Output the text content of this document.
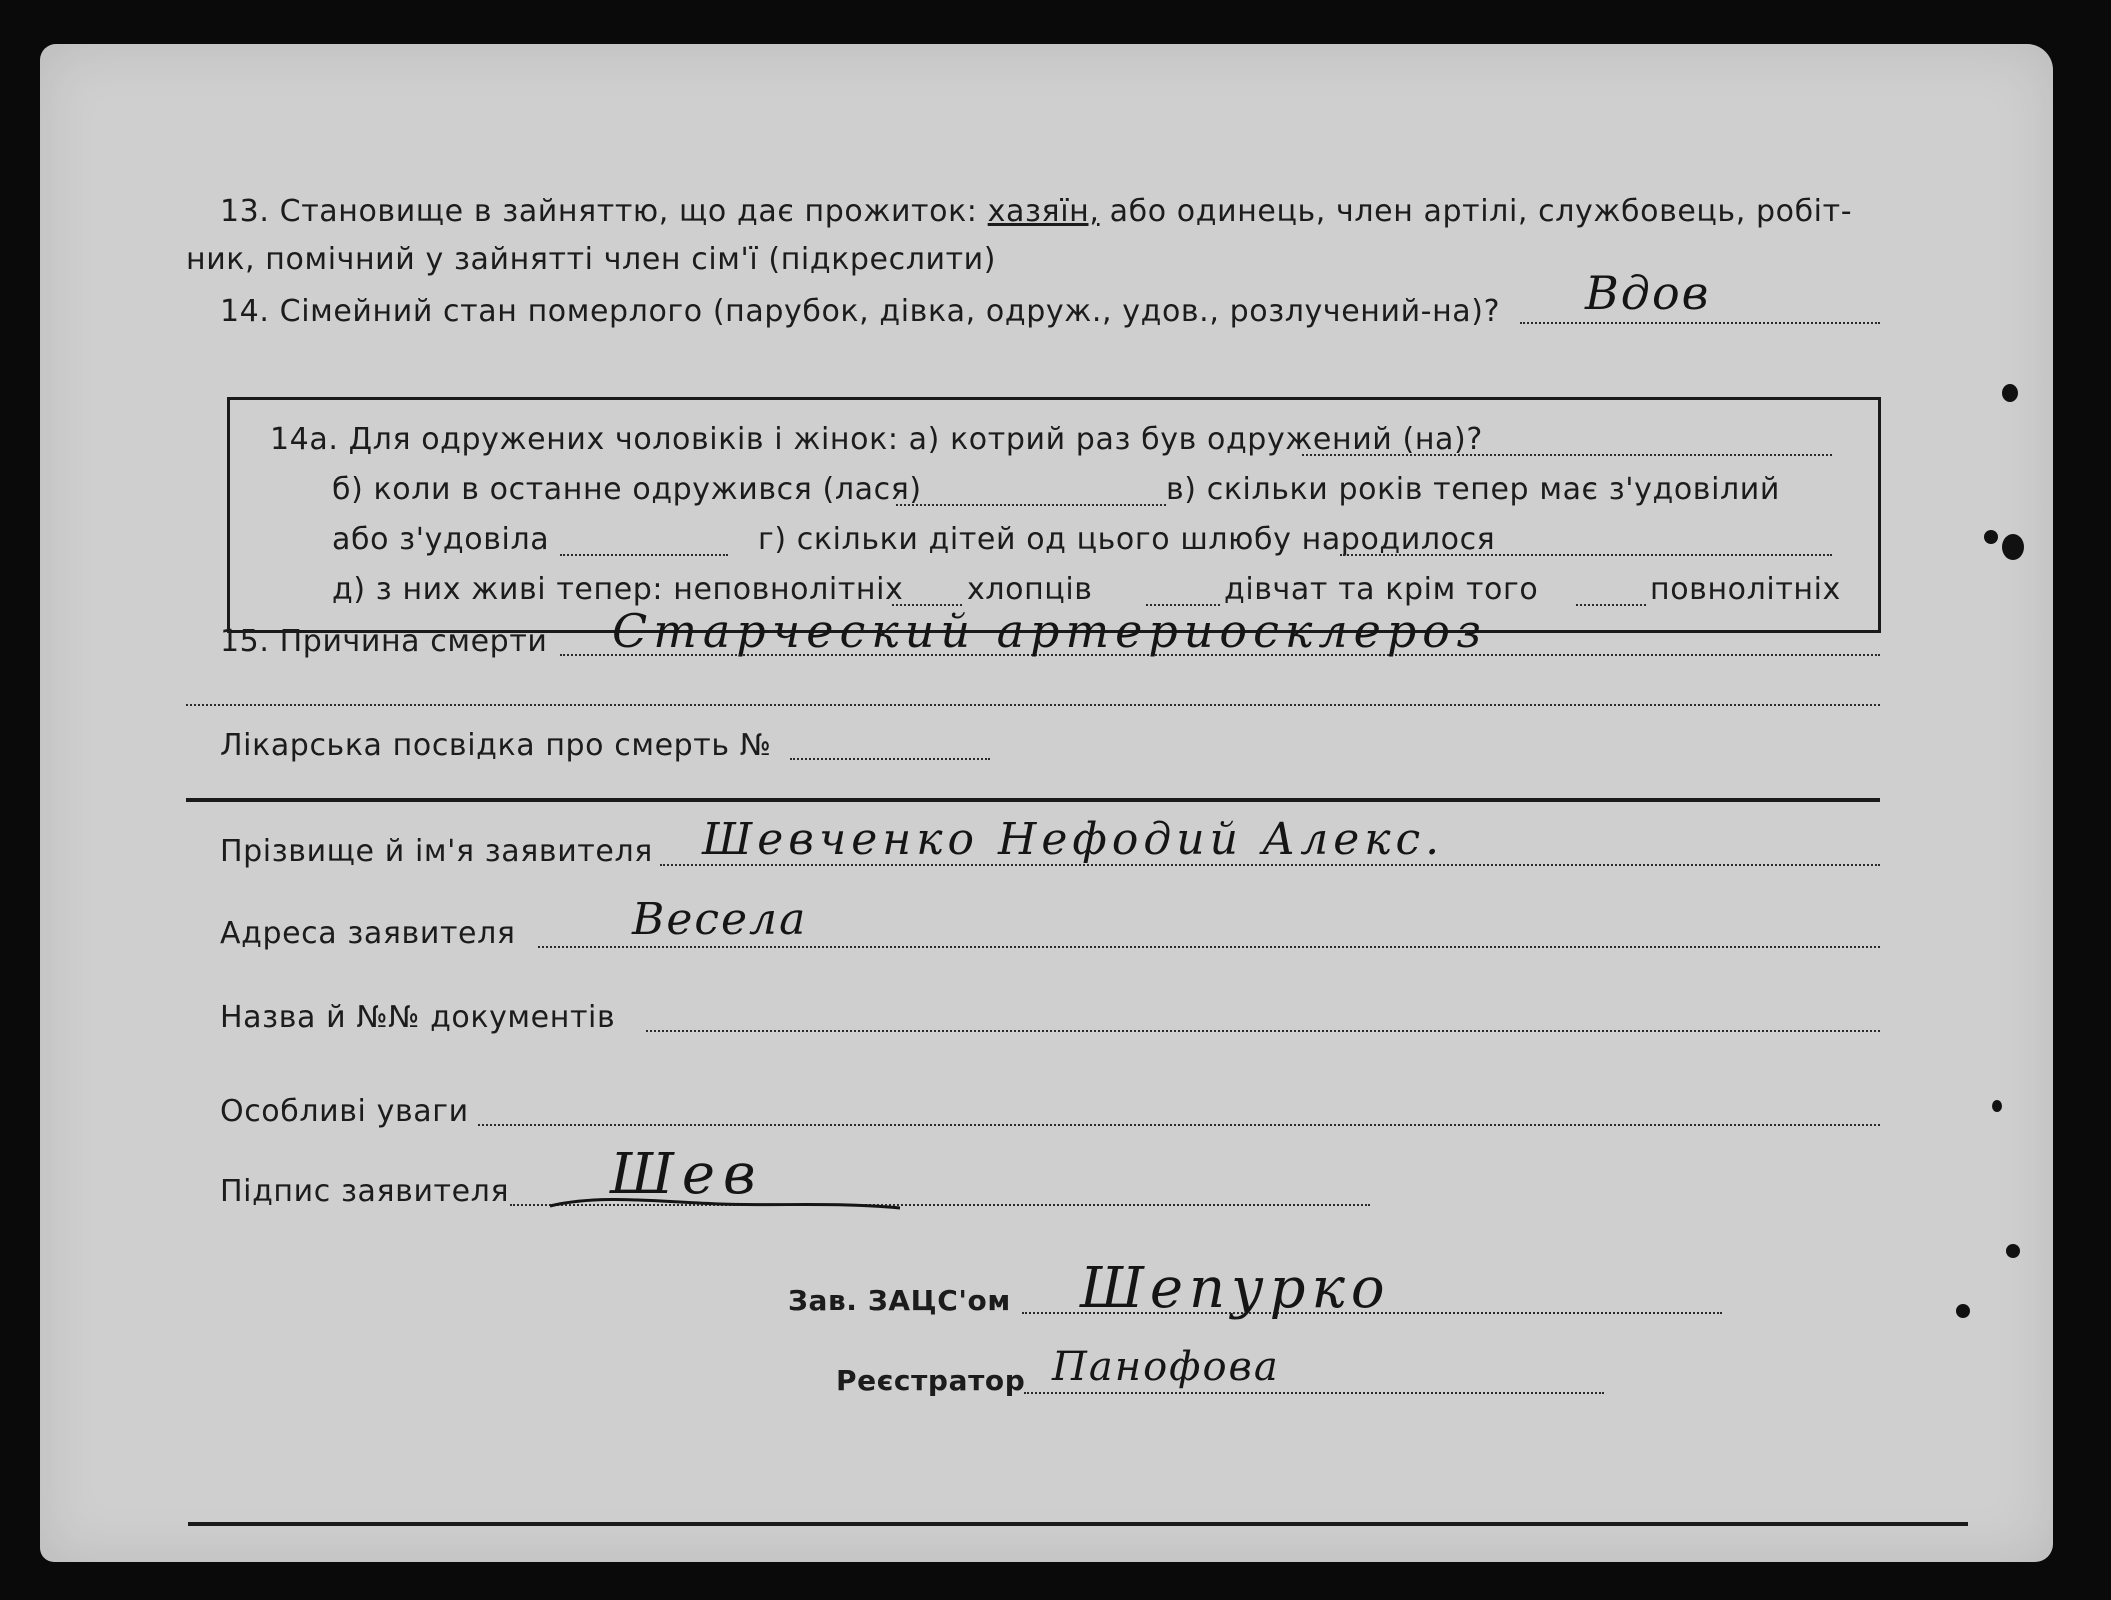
13. Становище в зайняттю, що дає прожиток: хазяїн, або одинець, член артілі, службовець, робіт-
ник, помічний у зайнятті член сім'ї (підкреслити)
14. Сімейний стан померлого (парубок, дівка, одруж., удов., розлучений-на)? Вдов
14а. Для одружених чоловіків і жінок: а) котрий раз був одружений (на)?
б) коли в останне одружився (лася)	в) скільки років тепер має з'удовілий
або з'удовіла	г) скільки дітей од цього шлюбу народилося
д) з них живі тепер: неповнолітніх хлопців	дівчат та крім того	повнолітніх
15. Причина смерти Старческий артериосклероз
Лікарська посвідка про смерть №
Прізвище й ім'я заявителя Шевченко Нефодий Алекс.
Адреса заявителя	Весела
Назва й №№ документів
Особливі уваги
Підпис заявителя Шев
Зав. ЗАЦС'ом Шепурко
Реєстратор Панофова
